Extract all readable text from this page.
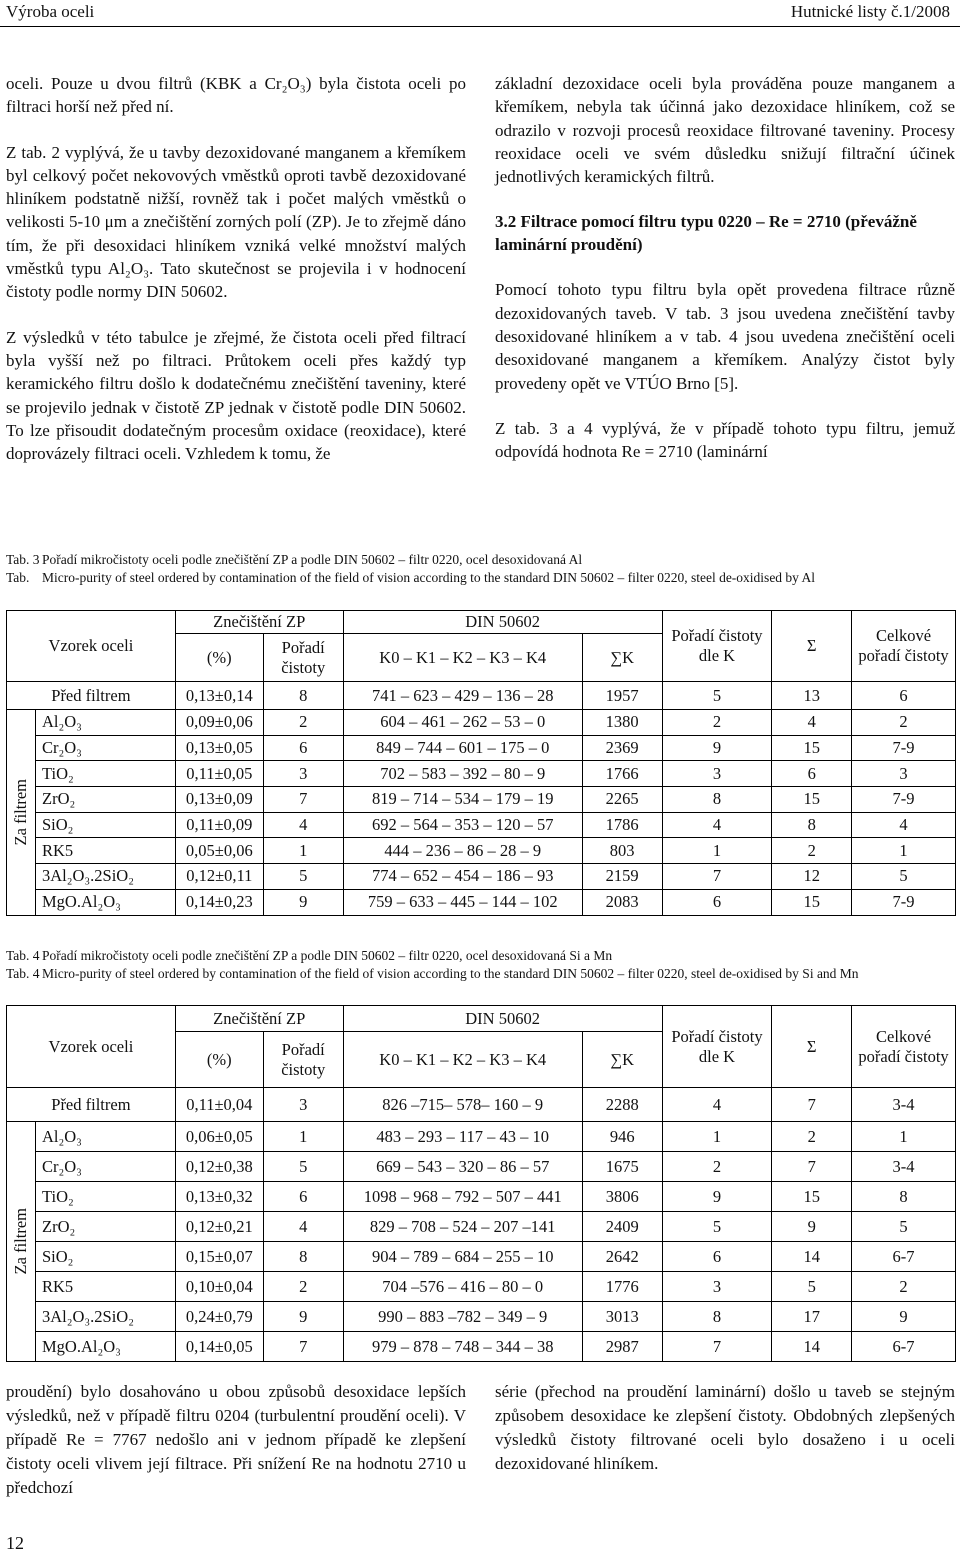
Výroba oceli	Hutnické listy č.1/2008

oceli. Pouze u dvou filtrů (KBK a Cr₂O₃) byla čistota oceli po filtraci horší než před ní.

Z tab. 2 vyplývá, že u tavby dezoxidované manganem a křemíkem byl celkový počet nekovových vměstků oproti tavbě dezoxidované hliníkem podstatně nižší, rovněž tak i počet malých vměstků o velikosti 5-10 μm a znečištění zorných polí (ZP). Je to zřejmě dáno tím, že při desoxidaci hliníkem vzniká velké množství malých vměstků typu Al₂O₃. Tato skutečnost se projevila i v hodnocení čistoty podle normy DIN 50602.

Z výsledků v této tabulce je zřejmé, že čistota oceli před filtrací byla vyšší než po filtraci. Průtokem oceli přes každý typ keramického filtru došlo k dodatečnému znečištění taveniny, které se projevilo jednak v čistotě ZP jednak v čistotě podle DIN 50602. To lze přisoudit dodatečným procesům oxidace (reoxidace), které doprovázely filtraci oceli. Vzhledem k tomu, že

základní dezoxidace oceli byla prováděna pouze manganem a křemíkem, nebyla tak účinná jako dezoxidace hliníkem, což se odrazilo v rozvoji procesů reoxidace filtrované taveniny. Procesy reoxidace oceli ve svém důsledku snižují filtrační účinek jednotlivých keramických filtrů.

3.2 Filtrace pomocí filtru typu 0220 – Re = 2710 (převážně laminární proudění)

Pomocí tohoto typu filtru byla opět provedena filtrace různě dezoxidovaných taveb. V tab. 3 jsou uvedena znečištění tavby desoxidované hliníkem a v tab. 4 jsou uvedena znečištění oceli desoxidované manganem a křemíkem. Analýzy čistot byly provedeny opět ve VTÚO Brno [5].

Z tab. 3 a 4 vyplývá, že v případě tohoto typu filtru, jemuž odpovídá hodnota Re = 2710 (laminární

Tab. 3 Pořadí mikročistoty oceli podle znečištění ZP a podle DIN 50602 – filtr 0220, ocel desoxidovaná Al
Tab. Micro-purity of steel ordered by contamination of the field of vision according to the standard DIN 50602 – filter 0220, steel de-oxidised by Al
Vzorek oceli		Znečištění ZP		DIN 50602		Pořadí čistoty dle K	Σ	Celkové pořadí čistoty
		(%)	Pořadí čistoty	K0 – K1 – K2 – K3 – K4	∑K			
Před filtrem		0,13±0,14	8	741 – 623 – 429 – 136 – 28	1957	5	13	6

Za filtrem	Al₂O₃	0,09±0,06	2	604 – 461 – 262 – 53 – 0	1380	2	4	2
	Cr₂O₃	0,13±0,05	6	849 – 744 – 601 – 175 – 0	2369	9	15	7-9
	TiO₂	0,11±0,05	3	702 – 583 – 392 – 80 – 9	1766	3	6	3
	ZrO₂	0,13±0,09	7	819 – 714 – 534 – 179 – 19	2265	8	15	7-9
	SiO₂	0,11±0,09	4	692 – 564 – 353 – 120 – 57	1786	4	8	4
	RK5	0,05±0,06	1	444 – 236 – 86 – 28 – 9	803	1	2	1
	3Al₂O₃.2SiO₂	0,12±0,11	5	774 – 652 – 454 – 186 – 93	2159	7	12	5
	MgO.Al₂O₃	0,14±0,23	9	759 – 633 – 445 – 144 – 102	2083	6	15	7-9
Tab. 4 Pořadí mikročistoty oceli podle znečištění ZP a podle DIN 50602 – filtr 0220, ocel desoxidovaná Si a Mn
Tab. 4 Micro-purity of steel ordered by contamination of the field of vision according to the standard DIN 50602 – filter 0220, steel de-oxidised by Si and Mn
Vzorek oceli		Znečištění ZP		DIN 50602		Pořadí čistoty dle K	Σ	Celkové pořadí čistoty
		(%)	Pořadí čistoty	K0 – K1 – K2 – K3 – K4	∑K			
Před filtrem		0,11±0,04	3	826 –715– 578– 160 – 9	2288	4	7	3-4

Za filtrem	Al₂O₃	0,06±0,05	1	483 – 293 – 117 – 43 – 10	946	1	2	1
	Cr₂O₃	0,12±0,38	5	669 – 543 – 320 – 86 – 57	1675	2	7	3-4
	TiO₂	0,13±0,32	6	1098 – 968 – 792 – 507 – 441	3806	9	15	8
	ZrO₂	0,12±0,21	4	829 – 708 – 524 – 207 –141	2409	5	9	5
	SiO₂	0,15±0,07	8	904 – 789 – 684 – 255 – 10	2642	6	14	6-7
	RK5	0,10±0,04	2	704 –576 – 416 – 80 – 0	1776	3	5	2
	3Al₂O₃.2SiO₂	0,24±0,79	9	990 – 883 –782 – 349 – 9	3013	8	17	9
	MgO.Al₂O₃	0,14±0,05	7	979 – 878 – 748 – 344 – 38	2987	7	14	6-7

proudění) bylo dosahováno u obou způsobů desoxidace lepších výsledků, než v případě filtru 0204 (turbulentní proudění oceli). V případě Re = 7767 nedošlo ani v jednom případě ke zlepšení čistoty oceli vlivem její filtrace. Při snížení Re na hodnotu 2710 u předchozí

série (přechod na proudění laminární) došlo u taveb se stejným způsobem desoxidace ke zlepšení čistoty. Obdobných zlepšených výsledků čistoty filtrované oceli bylo dosaženo i u oceli dezoxidované hliníkem.

12
